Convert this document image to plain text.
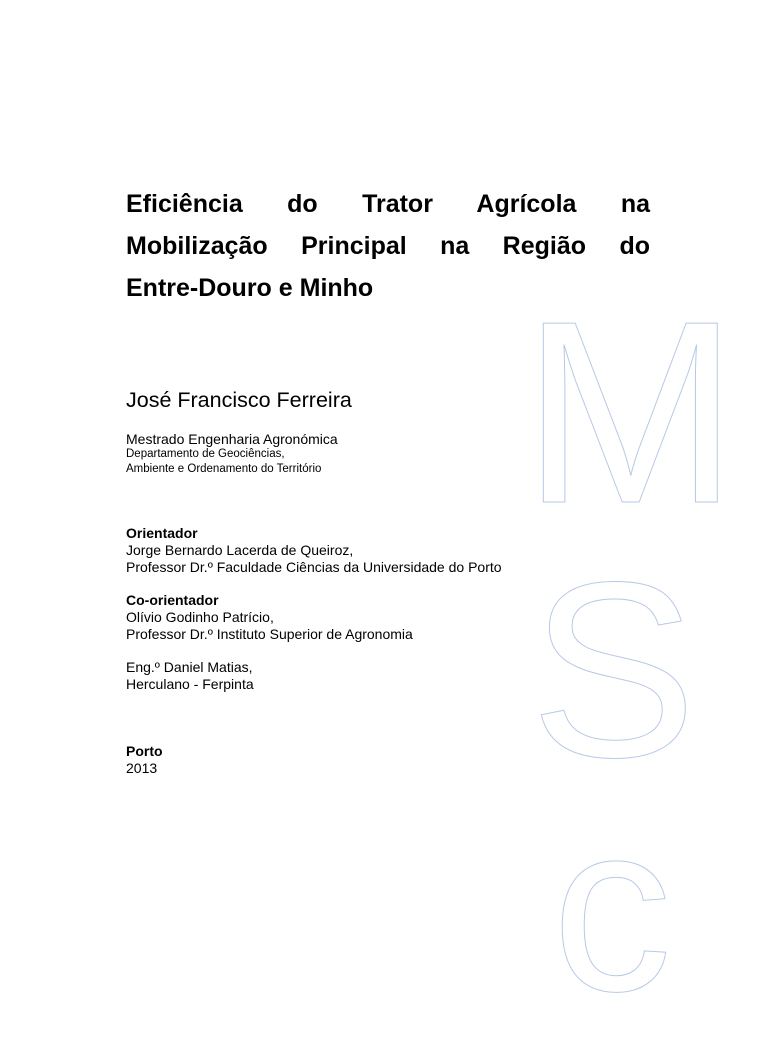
M
S
c
Eficiência do Trator Agrícola na
Mobilização Principal na Região do
Entre-Douro e Minho

José Francisco Ferreira

Mestrado Engenharia Agronómica

Departamento de Geociências,
Ambiente e Ordenamento do Território

Orientador
Jorge Bernardo Lacerda de Queiroz,
Professor Dr.º Faculdade Ciências da Universidade do Porto
Co-orientador
Olívio Godinho Patrício,
Professor Dr.º Instituto Superior de Agronomia
Eng.º Daniel Matias,
Herculano - Ferpinta
Porto
2013
